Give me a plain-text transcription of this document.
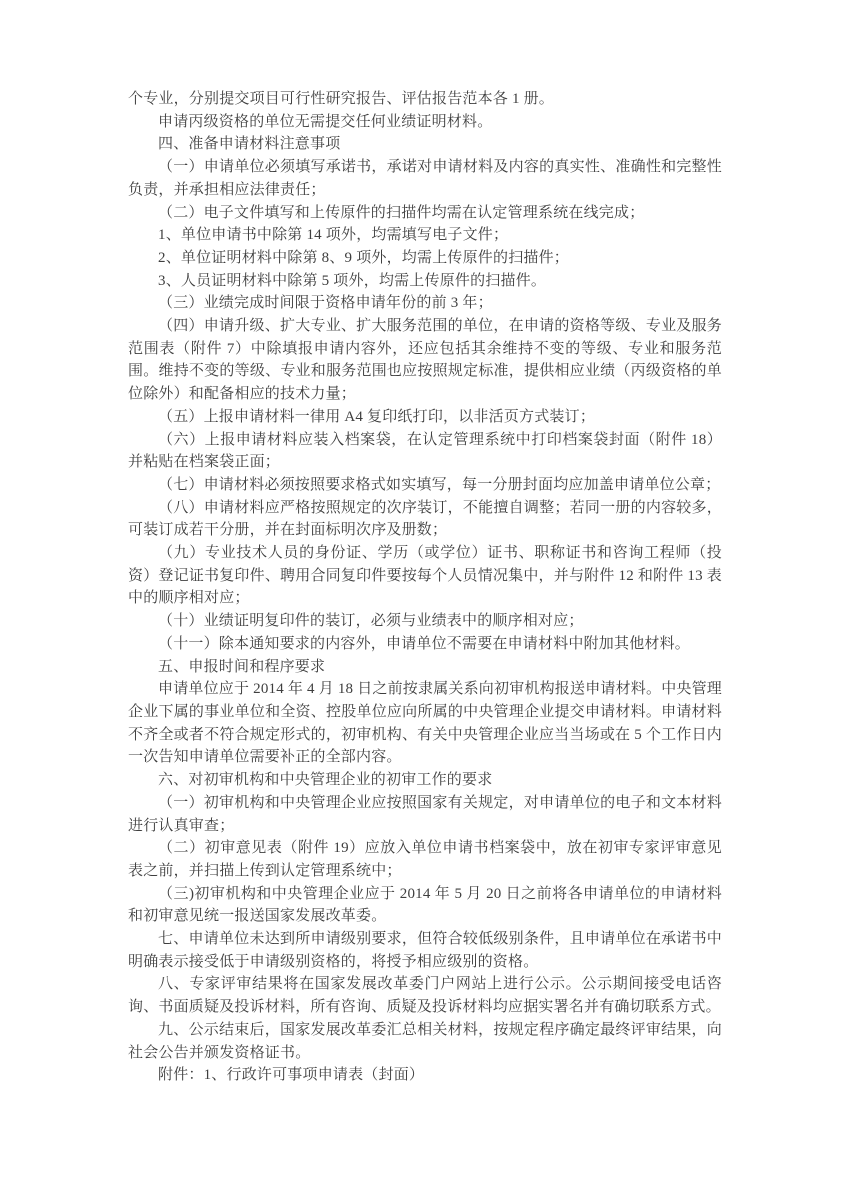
个专业，分别提交项目可行性研究报告、评估报告范本各 1 册。

申请丙级资格的单位无需提交任何业绩证明材料。

四、准备申请材料注意事项

（一）申请单位必须填写承诺书，承诺对申请材料及内容的真实性、准确性和完整性负责，并承担相应法律责任；

（二）电子文件填写和上传原件的扫描件均需在认定管理系统在线完成；

1、单位申请书中除第 14 项外，均需填写电子文件；

2、单位证明材料中除第 8、9 项外，均需上传原件的扫描件；

3、人员证明材料中除第 5 项外，均需上传原件的扫描件。

（三）业绩完成时间限于资格申请年份的前 3 年；

（四）申请升级、扩大专业、扩大服务范围的单位，在申请的资格等级、专业及服务范围表（附件 7）中除填报申请内容外，还应包括其余维持不变的等级、专业和服务范围。维持不变的等级、专业和服务范围也应按照规定标准，提供相应业绩（丙级资格的单位除外）和配备相应的技术力量；

（五）上报申请材料一律用 A4 复印纸打印，以非活页方式装订；

（六）上报申请材料应装入档案袋，在认定管理系统中打印档案袋封面（附件 18）并粘贴在档案袋正面；

（七）申请材料必须按照要求格式如实填写，每一分册封面均应加盖申请单位公章；

（八）申请材料应严格按照规定的次序装订，不能擅自调整；若同一册的内容较多，可装订成若干分册，并在封面标明次序及册数；

（九）专业技术人员的身份证、学历（或学位）证书、职称证书和咨询工程师（投资）登记证书复印件、聘用合同复印件要按每个人员情况集中，并与附件 12 和附件 13 表中的顺序相对应；

（十）业绩证明复印件的装订，必须与业绩表中的顺序相对应；

（十一）除本通知要求的内容外，申请单位不需要在申请材料中附加其他材料。

五、申报时间和程序要求

申请单位应于 2014 年 4 月 18 日之前按隶属关系向初审机构报送申请材料。中央管理企业下属的事业单位和全资、控股单位应向所属的中央管理企业提交申请材料。申请材料不齐全或者不符合规定形式的，初审机构、有关中央管理企业应当当场或在 5 个工作日内一次告知申请单位需要补正的全部内容。

六、对初审机构和中央管理企业的初审工作的要求

（一）初审机构和中央管理企业应按照国家有关规定，对申请单位的电子和文本材料进行认真审查；

（二）初审意见表（附件 19）应放入单位申请书档案袋中，放在初审专家评审意见表之前，并扫描上传到认定管理系统中；

（三)初审机构和中央管理企业应于 2014 年 5 月 20 日之前将各申请单位的申请材料和初审意见统一报送国家发展改革委。

七、申请单位未达到所申请级别要求，但符合较低级别条件，且申请单位在承诺书中明确表示接受低于申请级别资格的，将授予相应级别的资格。

八、专家评审结果将在国家发展改革委门户网站上进行公示。公示期间接受电话咨询、书面质疑及投诉材料，所有咨询、质疑及投诉材料均应据实署名并有确切联系方式。

九、公示结束后，国家发展改革委汇总相关材料，按规定程序确定最终评审结果，向社会公告并颁发资格证书。

附件：1、行政许可事项申请表（封面）
